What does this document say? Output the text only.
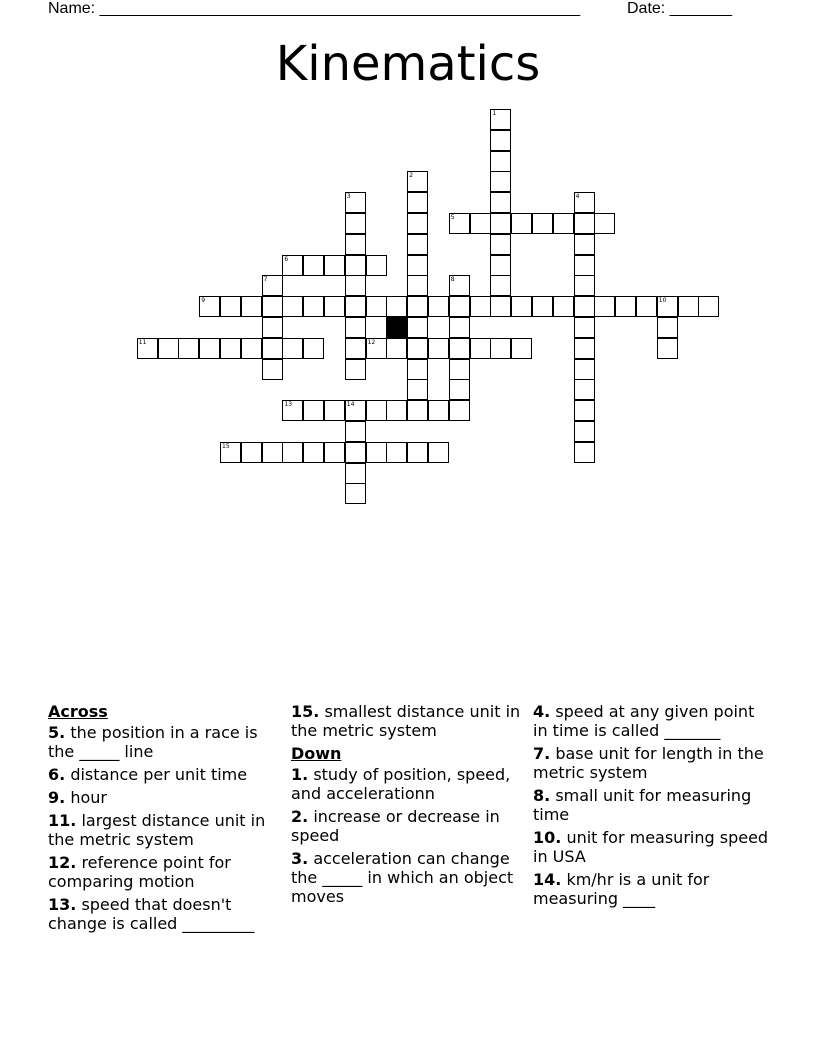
Name: ______________________________________________________	Date: _______
Kinematics
1
2
3	4
5
6
7	8
9	10
11	12
13	14
15
Across
5. the position in a race is the _____ line
6. distance per unit time
9. hour
11. largest distance unit in the metric system
12. reference point for comparing motion
13. speed that doesn't change is called _________
15. smallest distance unit in the metric system
Down
1. study of position, speed, and accelerationn
2. increase or decrease in speed
3. acceleration can change the _____ in which an object moves
4. speed at any given point in time is called _______
7. base unit for length in the metric system
8. small unit for measuring time
10. unit for measuring speed in USA
14. km/hr is a unit for measuring ____
